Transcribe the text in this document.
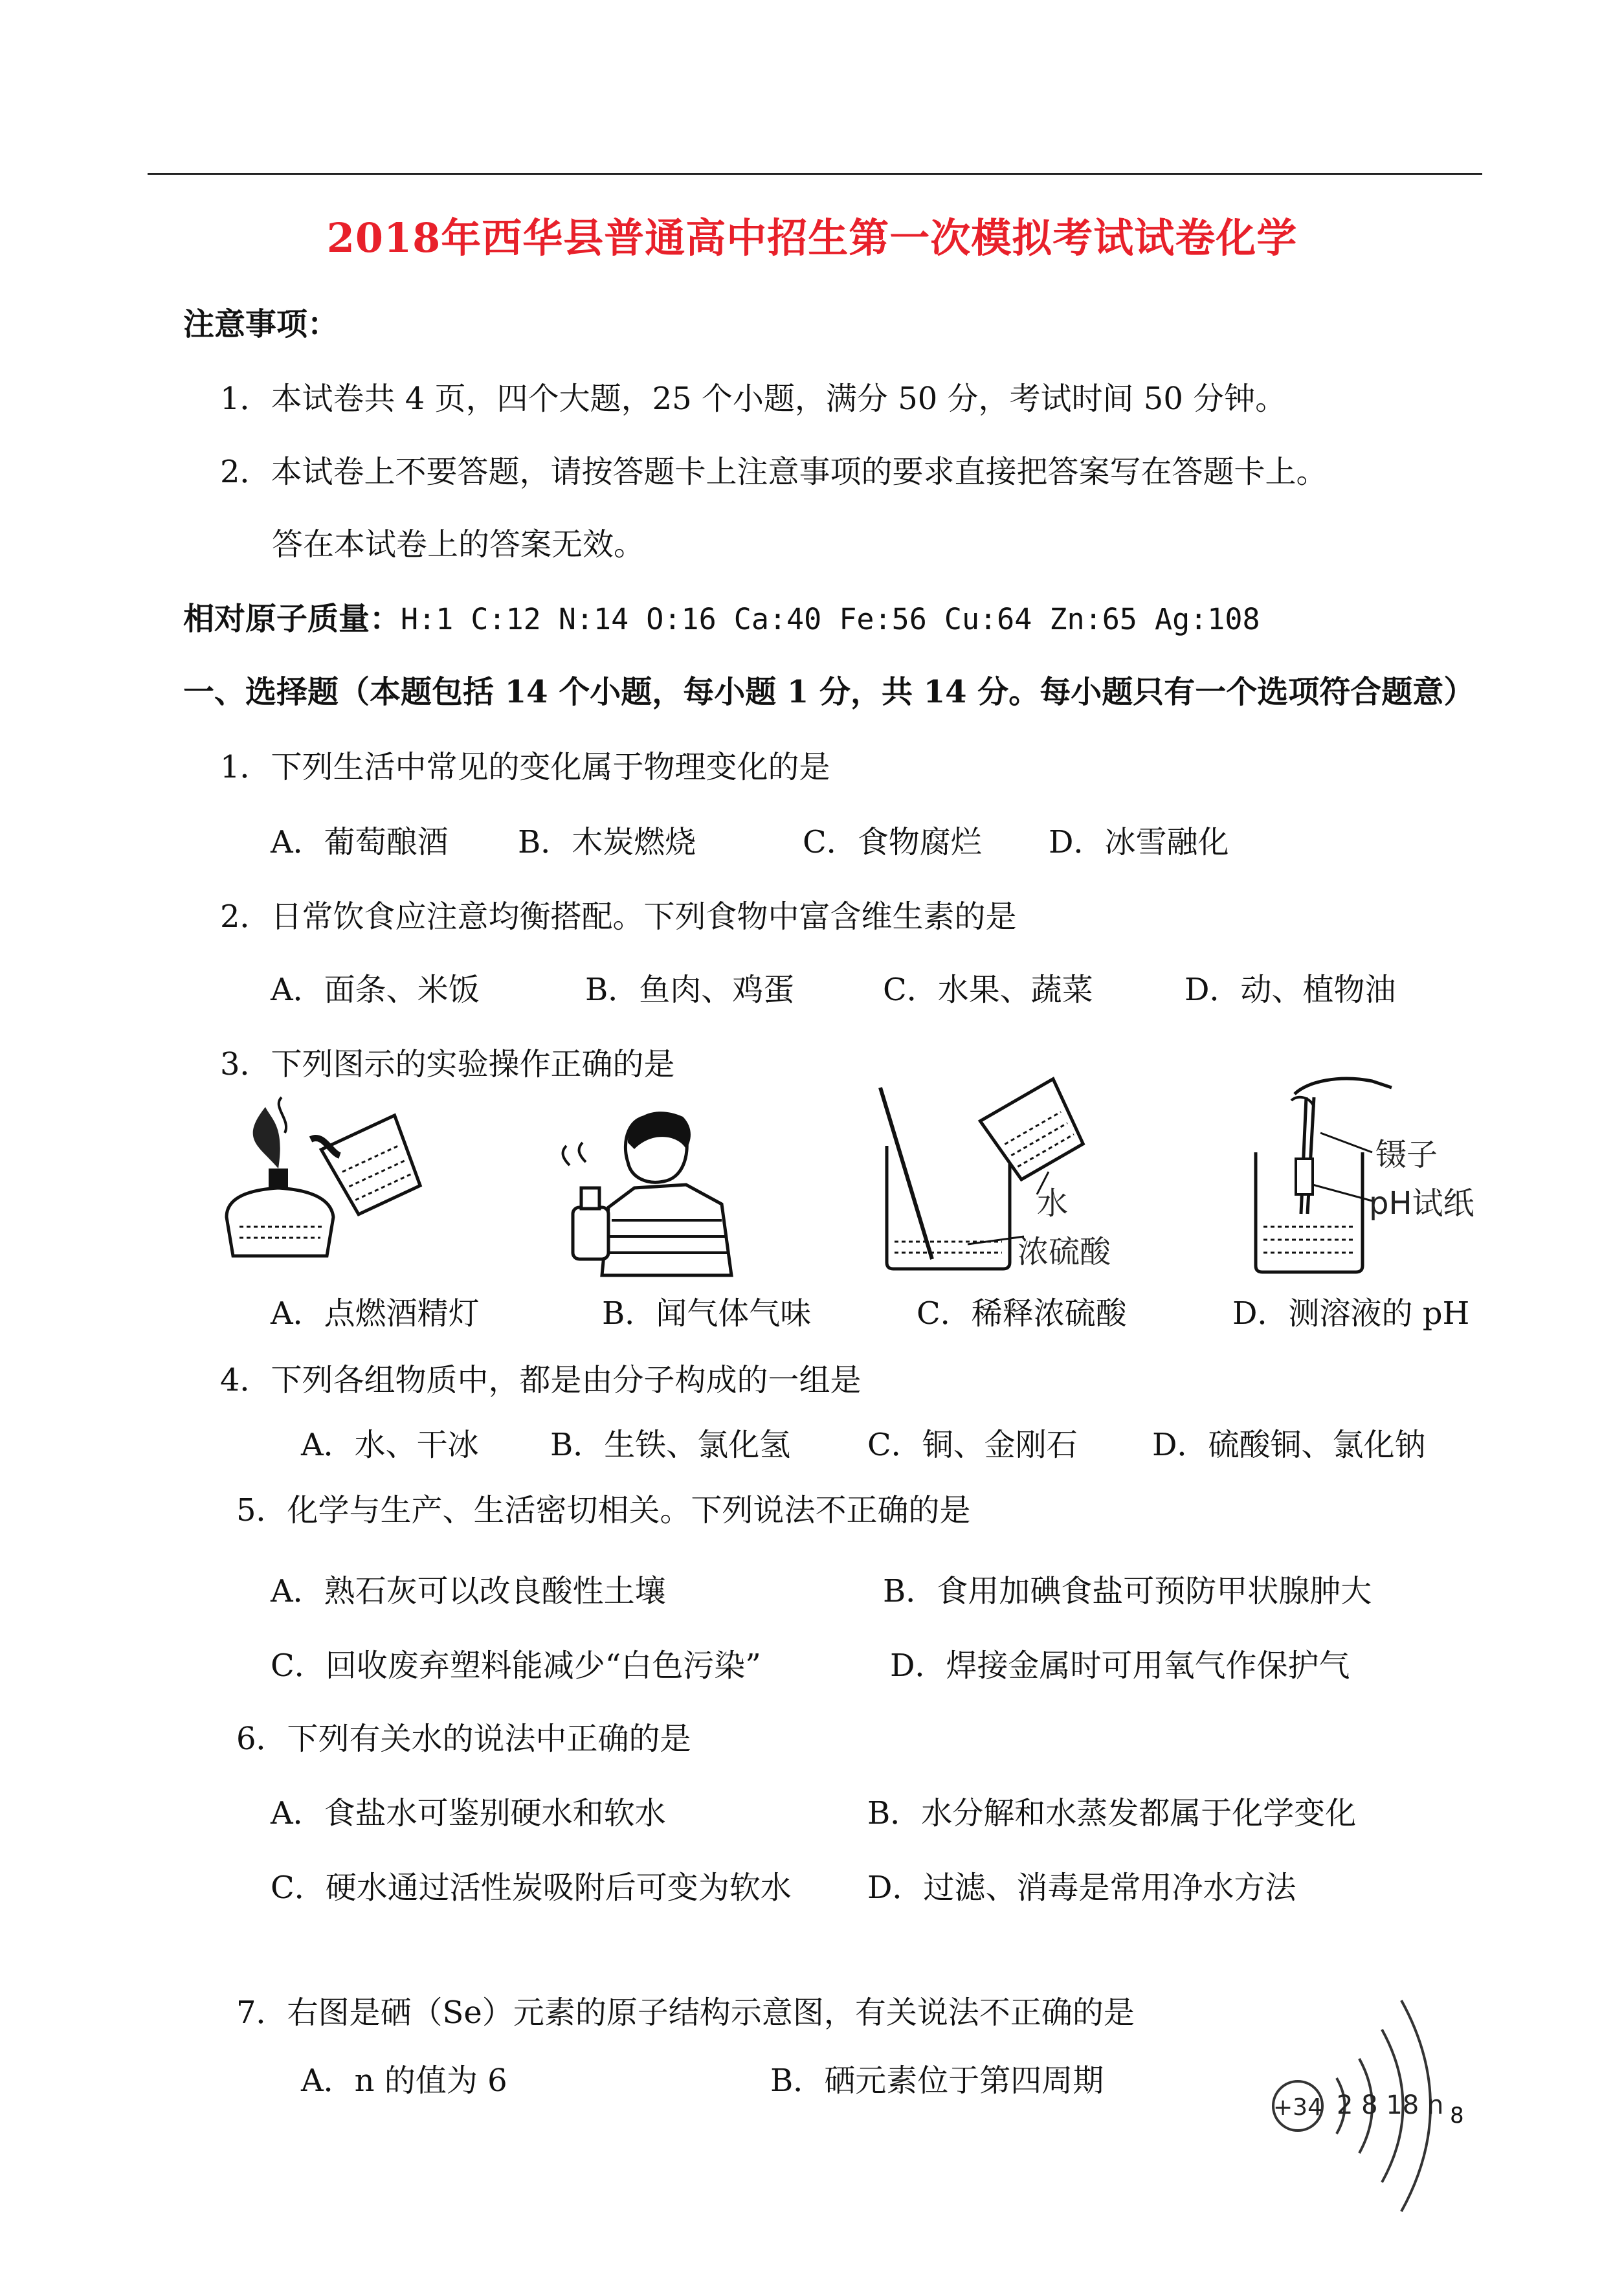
2018年西华县普通高中招生第一次模拟考试试卷化学
注意事项：
1．本试卷共 4 页，四个大题，25 个小题，满分 50 分，考试时间 50 分钟。
2．本试卷上不要答题，请按答题卡上注意事项的要求直接把答案写在答题卡上。
答在本试卷上的答案无效。
相对原子质量：H:1 C:12 N:14 O:16 Ca:40 Fe:56 Cu:64 Zn:65 Ag:108
一、选择题（本题包括 14 个小题，每小题 1 分，共 14 分。每小题只有一个选项符合题意）
1．下列生活中常见的变化属于物理变化的是
A．葡萄酿酒 B．木炭燃烧	C．食物腐烂 D．冰雪融化
2．日常饮食应注意均衡搭配。下列食物中富含维生素的是
A．面条、米饭	B．鱼肉、鸡蛋	C．水果、蔬菜	D．动、植物油
3．下列图示的实验操作正确的是
水
浓硫酸
镊子
pH试纸
A．点燃酒精灯	B．闻气体气味	C．稀释浓硫酸	D．测溶液的 pH
4．下列各组物质中，都是由分子构成的一组是
A．水、干冰 B．生铁、氯化氢 C．铜、金刚石 D．硫酸铜、氯化钠
5．化学与生产、生活密切相关。下列说法不正确的是
A．熟石灰可以改良酸性土壤	B．食用加碘食盐可预防甲状腺肿大
C．回收废弃塑料能减少“白色污染”	D．焊接金属时可用氧气作保护气
6．下列有关水的说法中正确的是
A．食盐水可鉴别硬水和软水	B．水分解和水蒸发都属于化学变化
C．硬水通过活性炭吸附后可变为软水 D．过滤、消毒是常用净水方法
7．右图是硒（Se）元素的原子结构示意图，有关说法不正确的是
A．n 的值为 6	B．硒元素位于第四周期
+34 2 8 18 n 8
